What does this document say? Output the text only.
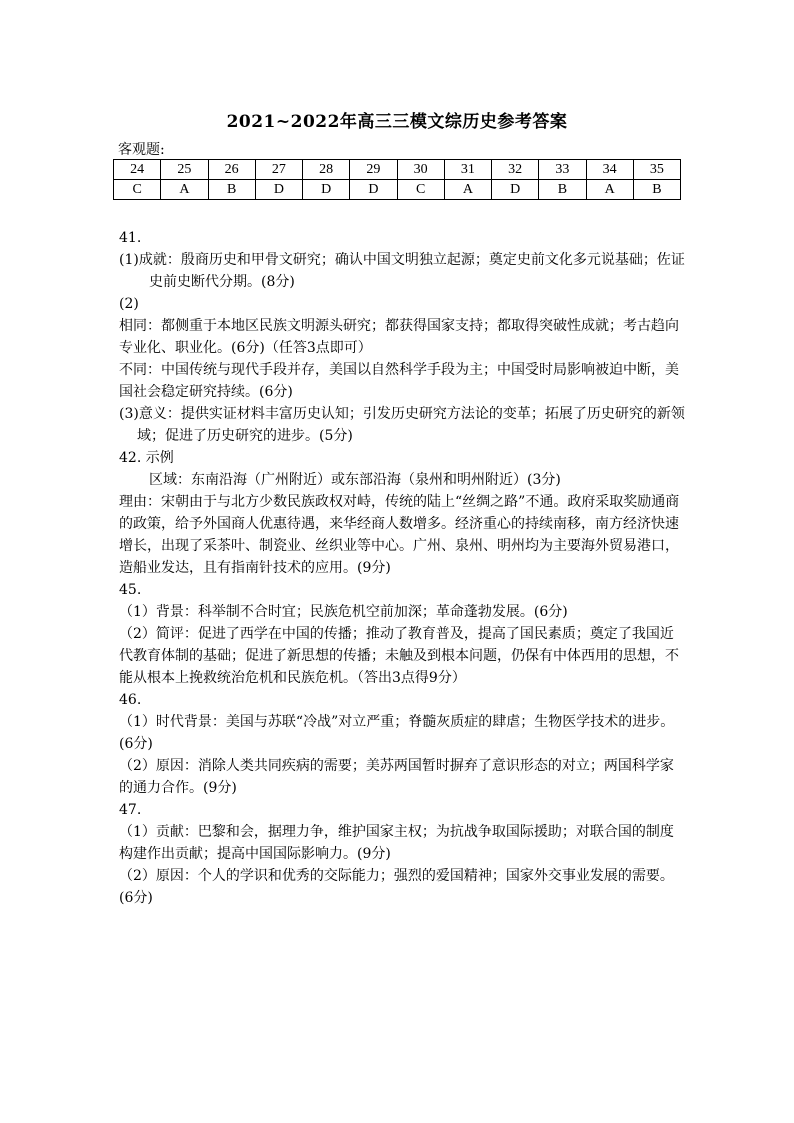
2021~2022年高三三模文综历史参考答案
客观题:
24	25	26	27	28	29	30	31	32	33	34	35
C	A	B	D	D	D	C	A	D	B	A	B

41.

(1)成就：殷商历史和甲骨文研究；确认中国文明独立起源；奠定史前文化多元说基础；佐证史前史断代分期。(8分)

(2)

相同：都侧重于本地区民族文明源头研究；都获得国家支持；都取得突破性成就；考古趋向专业化、职业化。(6分)（任答3点即可）

不同：中国传统与现代手段并存，美国以自然科学手段为主；中国受时局影响被迫中断，美国社会稳定研究持续。(6分)

(3)意义：提供实证材料丰富历史认知；引发历史研究方法论的变革；拓展了历史研究的新领域；促进了历史研究的进步。(5分)

42. 示例

区域：东南沿海（广州附近）或东部沿海（泉州和明州附近）(3分)

理由：宋朝由于与北方少数民族政权对峙，传统的陆上“丝绸之路”不通。政府采取奖励通商的政策，给予外国商人优惠待遇，来华经商人数增多。经济重心的持续南移，南方经济快速增长，出现了采茶叶、制瓷业、丝织业等中心。广州、泉州、明州均为主要海外贸易港口，造船业发达，且有指南针技术的应用。(9分)

45.

（1）背景：科举制不合时宜；民族危机空前加深；革命蓬勃发展。(6分)

（2）简评：促进了西学在中国的传播；推动了教育普及，提高了国民素质；奠定了我国近代教育体制的基础；促进了新思想的传播；未触及到根本问题，仍保有中体西用的思想，不能从根本上挽救统治危机和民族危机。（答出3点得9分）

46.

（1）时代背景：美国与苏联“冷战”对立严重；脊髓灰质症的肆虐；生物医学技术的进步。(6分)

（2）原因：消除人类共同疾病的需要；美苏两国暂时摒弃了意识形态的对立；两国科学家的通力合作。(9分)

47.

（1）贡献：巴黎和会，据理力争，维护国家主权；为抗战争取国际援助；对联合国的制度构建作出贡献；提高中国国际影响力。(9分)

（2）原因：个人的学识和优秀的交际能力；强烈的爱国精神；国家外交事业发展的需要。(6分)
